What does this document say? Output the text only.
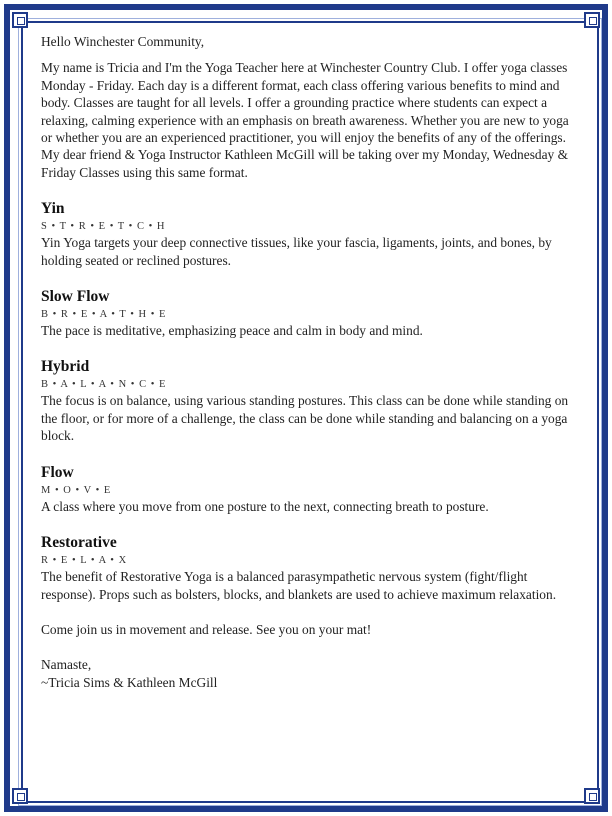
Hello Winchester Community,

My name is Tricia and I'm the Yoga Teacher here at Winchester Country Club. I offer yoga classes Monday - Friday. Each day is a different format, each class offering various benefits to mind and body. Classes are taught for all levels. I offer a grounding practice where students can expect a relaxing, calming experience with an emphasis on breath awareness. Whether you are new to yoga or whether you are an experienced practitioner, you will enjoy the benefits of any of the offerings. My dear friend & Yoga Instructor Kathleen McGill will be taking over my Monday, Wednesday & Friday Classes using this same format.

Yin
S • T • R • E • T • C • H

Yin Yoga targets your deep connective tissues, like your fascia, ligaments, joints, and bones, by holding seated or reclined postures.

Slow Flow
B • R • E • A • T • H • E

The pace is meditative, emphasizing peace and calm in body and mind.

Hybrid
B • A • L • A • N • C • E

The focus is on balance, using various standing postures. This class can be done while standing on the floor, or for more of a challenge, the class can be done while standing and balancing on a yoga block.

Flow
M • O • V • E

A class where you move from one posture to the next, connecting breath to posture.

Restorative
R • E • L • A • X

The benefit of Restorative Yoga is a balanced parasympathetic nervous system (fight/flight response). Props such as bolsters, blocks, and blankets are used to achieve maximum relaxation.

Come join us in movement and release. See you on your mat!

Namaste,

~Tricia Sims & Kathleen McGill
